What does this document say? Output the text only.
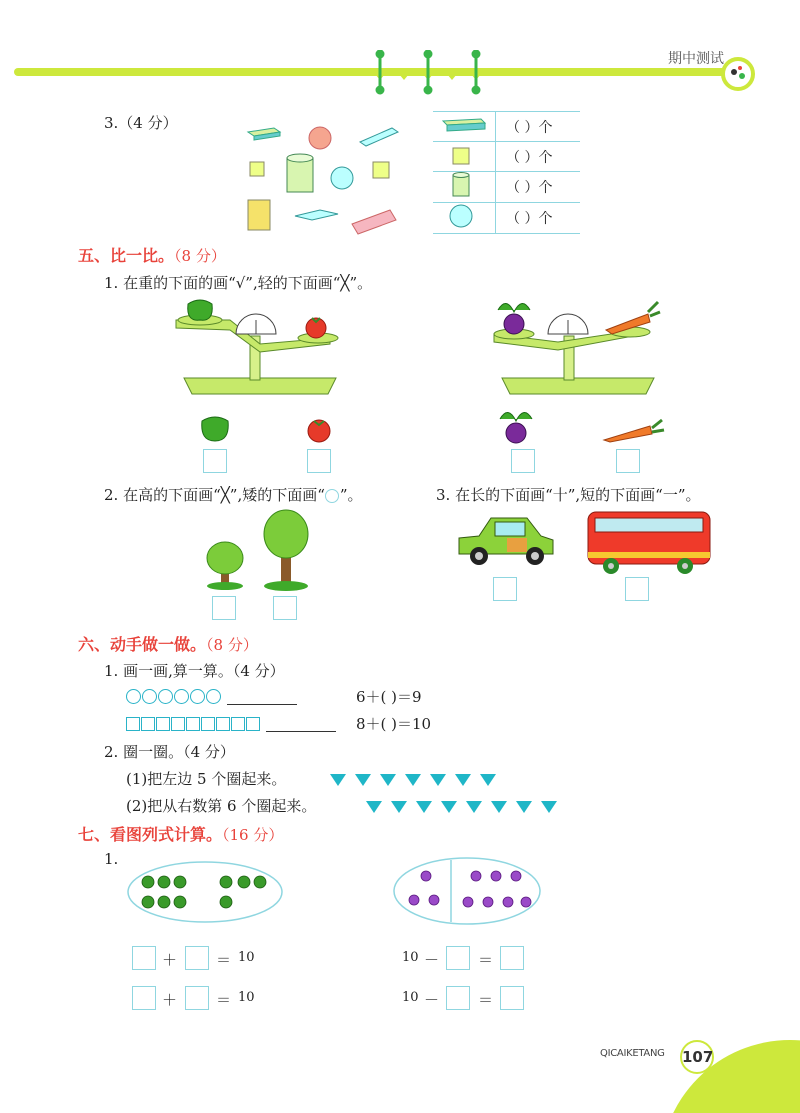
期中测试
3.（4 分）
		（ ）个
	（ ）个
	（ ）个
	（ ）个
五、比一比。（8 分）
1. 在重的下面的画“√”,轻的下面画“╳”。
2. 在高的下面画“╳”,矮的下面画“ ”。	3. 在长的下面画“十”,短的下面画“一”。
六、动手做一做。（8 分）
1. 画一画,算一算。（4 分）

6＋( )＝9

8＋( )＝10
2. 圈一圈。（4 分）
(1)把左边 5 个圈起来。
(2)把从右数第 6 个圈起来。
七、看图列式计算。（16 分）
1.
＋	＝ 10
＋	＝ 10
10 －	＝
10 －	＝
QICAIKETANG 107
